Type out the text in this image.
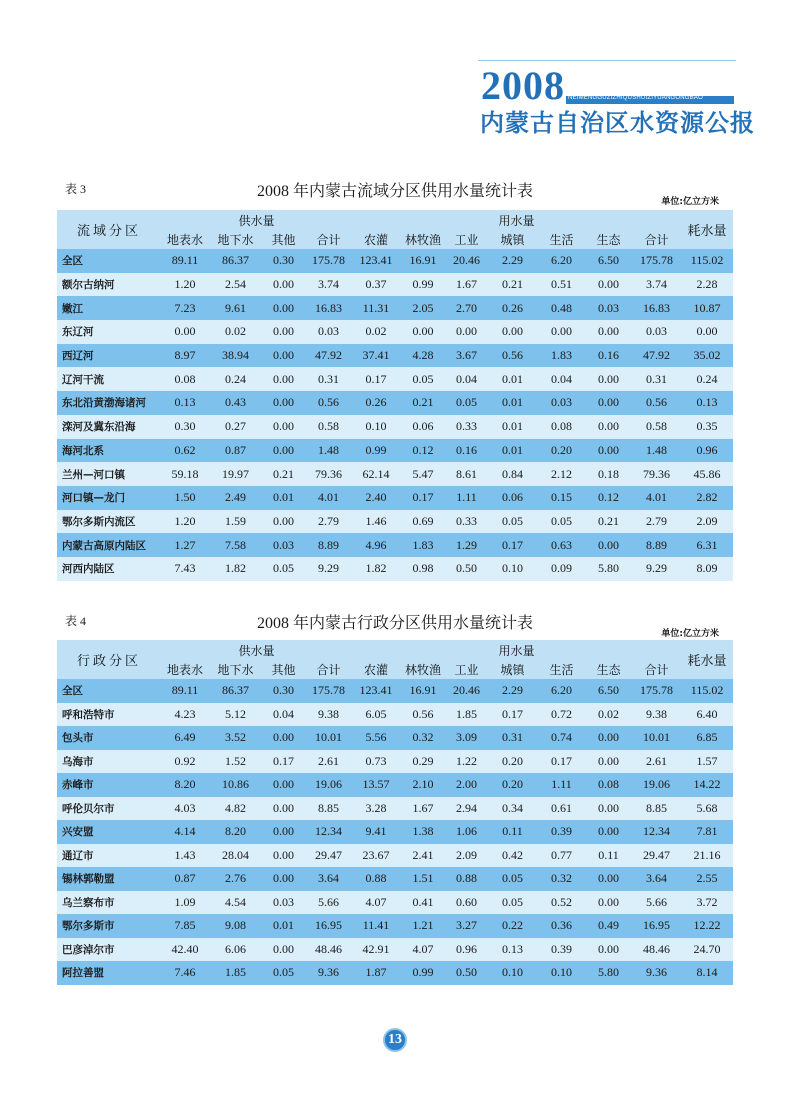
2008 NEIMENGGUZIZHIQUSHUIZIYUANGONGBAO
内蒙古自治区水资源公报
表 3	2008 年内蒙古流域分区供用水量统计表
单位:亿立方米
流域分区	供水量				用水量							耗水量
	地表水	地下水	其他	合计	农灌	林牧渔	工业	城镇	生活	生态	合计	
全区	89.11	86.37	0.30	175.78	123.41	16.91	20.46	2.29	6.20	6.50	175.78	115.02
额尔古纳河	1.20	2.54	0.00	3.74	0.37	0.99	1.67	0.21	0.51	0.00	3.74	2.28
嫩江	7.23	9.61	0.00	16.83	11.31	2.05	2.70	0.26	0.48	0.03	16.83	10.87
东辽河	0.00	0.02	0.00	0.03	0.02	0.00	0.00	0.00	0.00	0.00	0.03	0.00
西辽河	8.97	38.94	0.00	47.92	37.41	4.28	3.67	0.56	1.83	0.16	47.92	35.02
辽河干流	0.08	0.24	0.00	0.31	0.17	0.05	0.04	0.01	0.04	0.00	0.31	0.24
东北沿黄渤海诸河	0.13	0.43	0.00	0.56	0.26	0.21	0.05	0.01	0.03	0.00	0.56	0.13
滦河及冀东沿海	0.30	0.27	0.00	0.58	0.10	0.06	0.33	0.01	0.08	0.00	0.58	0.35
海河北系	0.62	0.87	0.00	1.48	0.99	0.12	0.16	0.01	0.20	0.00	1.48	0.96
兰州—河口镇	59.18	19.97	0.21	79.36	62.14	5.47	8.61	0.84	2.12	0.18	79.36	45.86
河口镇—龙门	1.50	2.49	0.01	4.01	2.40	0.17	1.11	0.06	0.15	0.12	4.01	2.82
鄂尔多斯内流区	1.20	1.59	0.00	2.79	1.46	0.69	0.33	0.05	0.05	0.21	2.79	2.09
内蒙古高原内陆区	1.27	7.58	0.03	8.89	4.96	1.83	1.29	0.17	0.63	0.00	8.89	6.31
河西内陆区	7.43	1.82	0.05	9.29	1.82	0.98	0.50	0.10	0.09	5.80	9.29	8.09
表 4	2008 年内蒙古行政分区供用水量统计表
单位:亿立方米
行政分区	供水量				用水量							耗水量
	地表水	地下水	其他	合计	农灌	林牧渔	工业	城镇	生活	生态	合计	
全区	89.11	86.37	0.30	175.78	123.41	16.91	20.46	2.29	6.20	6.50	175.78	115.02
呼和浩特市	4.23	5.12	0.04	9.38	6.05	0.56	1.85	0.17	0.72	0.02	9.38	6.40
包头市	6.49	3.52	0.00	10.01	5.56	0.32	3.09	0.31	0.74	0.00	10.01	6.85
乌海市	0.92	1.52	0.17	2.61	0.73	0.29	1.22	0.20	0.17	0.00	2.61	1.57
赤峰市	8.20	10.86	0.00	19.06	13.57	2.10	2.00	0.20	1.11	0.08	19.06	14.22
呼伦贝尔市	4.03	4.82	0.00	8.85	3.28	1.67	2.94	0.34	0.61	0.00	8.85	5.68
兴安盟	4.14	8.20	0.00	12.34	9.41	1.38	1.06	0.11	0.39	0.00	12.34	7.81
通辽市	1.43	28.04	0.00	29.47	23.67	2.41	2.09	0.42	0.77	0.11	29.47	21.16
锡林郭勒盟	0.87	2.76	0.00	3.64	0.88	1.51	0.88	0.05	0.32	0.00	3.64	2.55
乌兰察布市	1.09	4.54	0.03	5.66	4.07	0.41	0.60	0.05	0.52	0.00	5.66	3.72
鄂尔多斯市	7.85	9.08	0.01	16.95	11.41	1.21	3.27	0.22	0.36	0.49	16.95	12.22
巴彦淖尔市	42.40	6.06	0.00	48.46	42.91	4.07	0.96	0.13	0.39	0.00	48.46	24.70
阿拉善盟	7.46	1.85	0.05	9.36	1.87	0.99	0.50	0.10	0.10	5.80	9.36	8.14
13
